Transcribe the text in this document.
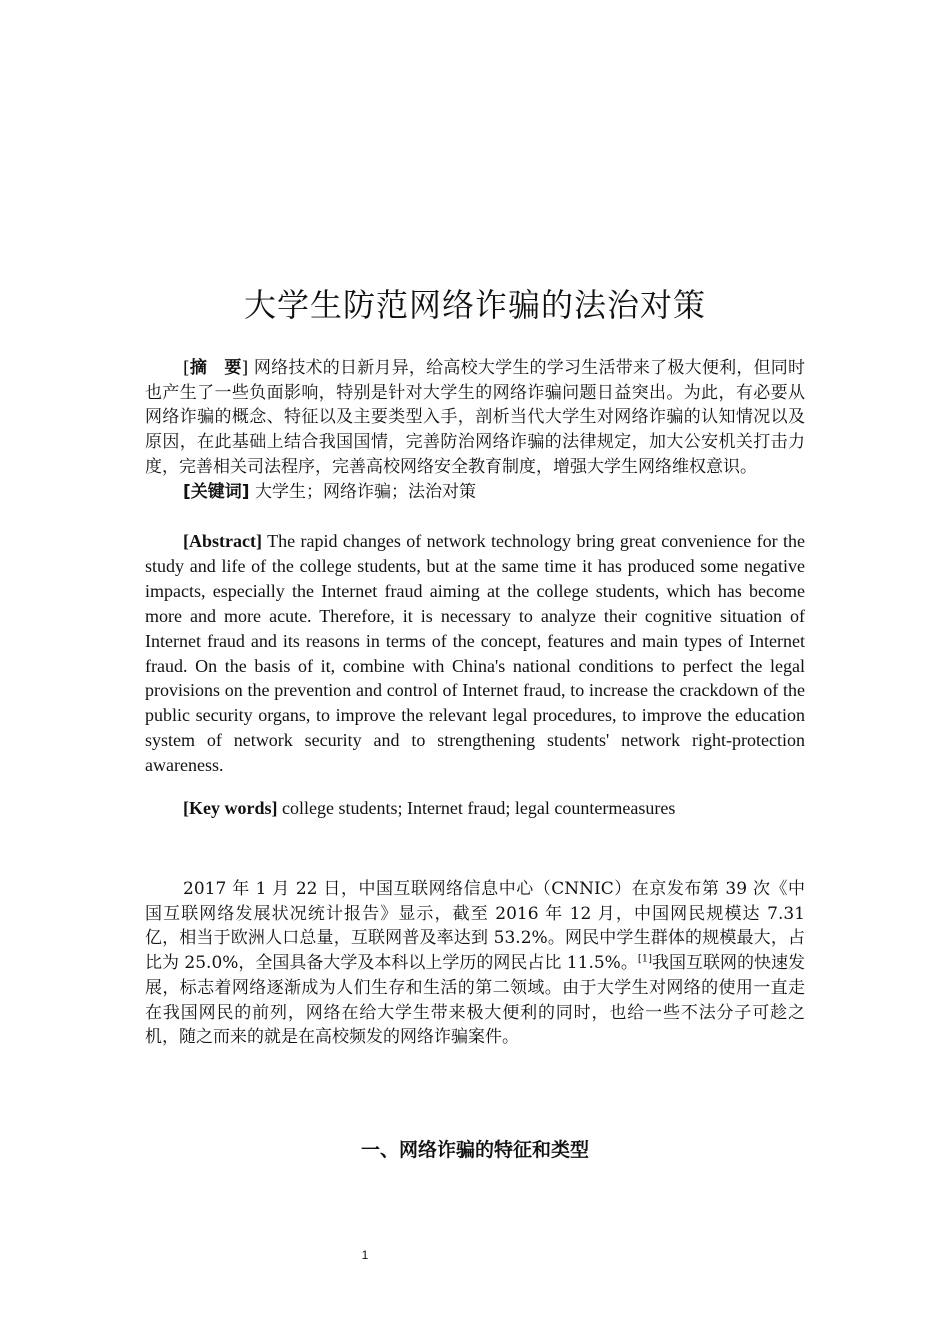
大学生防范网络诈骗的法治对策

[摘　要] 网络技术的日新月异，给高校大学生的学习生活带来了极大便利，但同时也产生了一些负面影响，特别是针对大学生的网络诈骗问题日益突出。为此，有必要从网络诈骗的概念、特征以及主要类型入手，剖析当代大学生对网络诈骗的认知情况以及原因，在此基础上结合我国国情，完善防治网络诈骗的法律规定，加大公安机关打击力度，完善相关司法程序，完善高校网络安全教育制度，增强大学生网络维权意识。

[关键词] 大学生；网络诈骗；法治对策

[Abstract] The rapid changes of network technology bring great convenience for the study and life of the college students, but at the same time it has produced some negative impacts, especially the Internet fraud aiming at the college students, which has become more and more acute. Therefore, it is necessary to analyze their cognitive situation of Internet fraud and its reasons in terms of the concept, features and main types of Internet fraud. On the basis of it, combine with China's national conditions to perfect the legal provisions on the prevention and control of Internet fraud, to increase the crackdown of the public security organs, to improve the relevant legal procedures, to improve the education system of network security and to strengthening students' network right-protection awareness.

[Key words] college students; Internet fraud; legal countermeasures

2017 年 1 月 22 日，中国互联网络信息中心（CNNIC）在京发布第 39 次《中国互联网络发展状况统计报告》显示，截至 2016 年 12 月，中国网民规模达 7.31 亿，相当于欧洲人口总量，互联网普及率达到 53.2%。网民中学生群体的规模最大，占比为 25.0%，全国具备大学及本科以上学历的网民占比 11.5%。[1]我国互联网的快速发展，标志着网络逐渐成为人们生存和生活的第二领域。由于大学生对网络的使用一直走在我国网民的前列，网络在给大学生带来极大便利的同时，也给一些不法分子可趁之机，随之而来的就是在高校频发的网络诈骗案件。

一、网络诈骗的特征和类型
1
